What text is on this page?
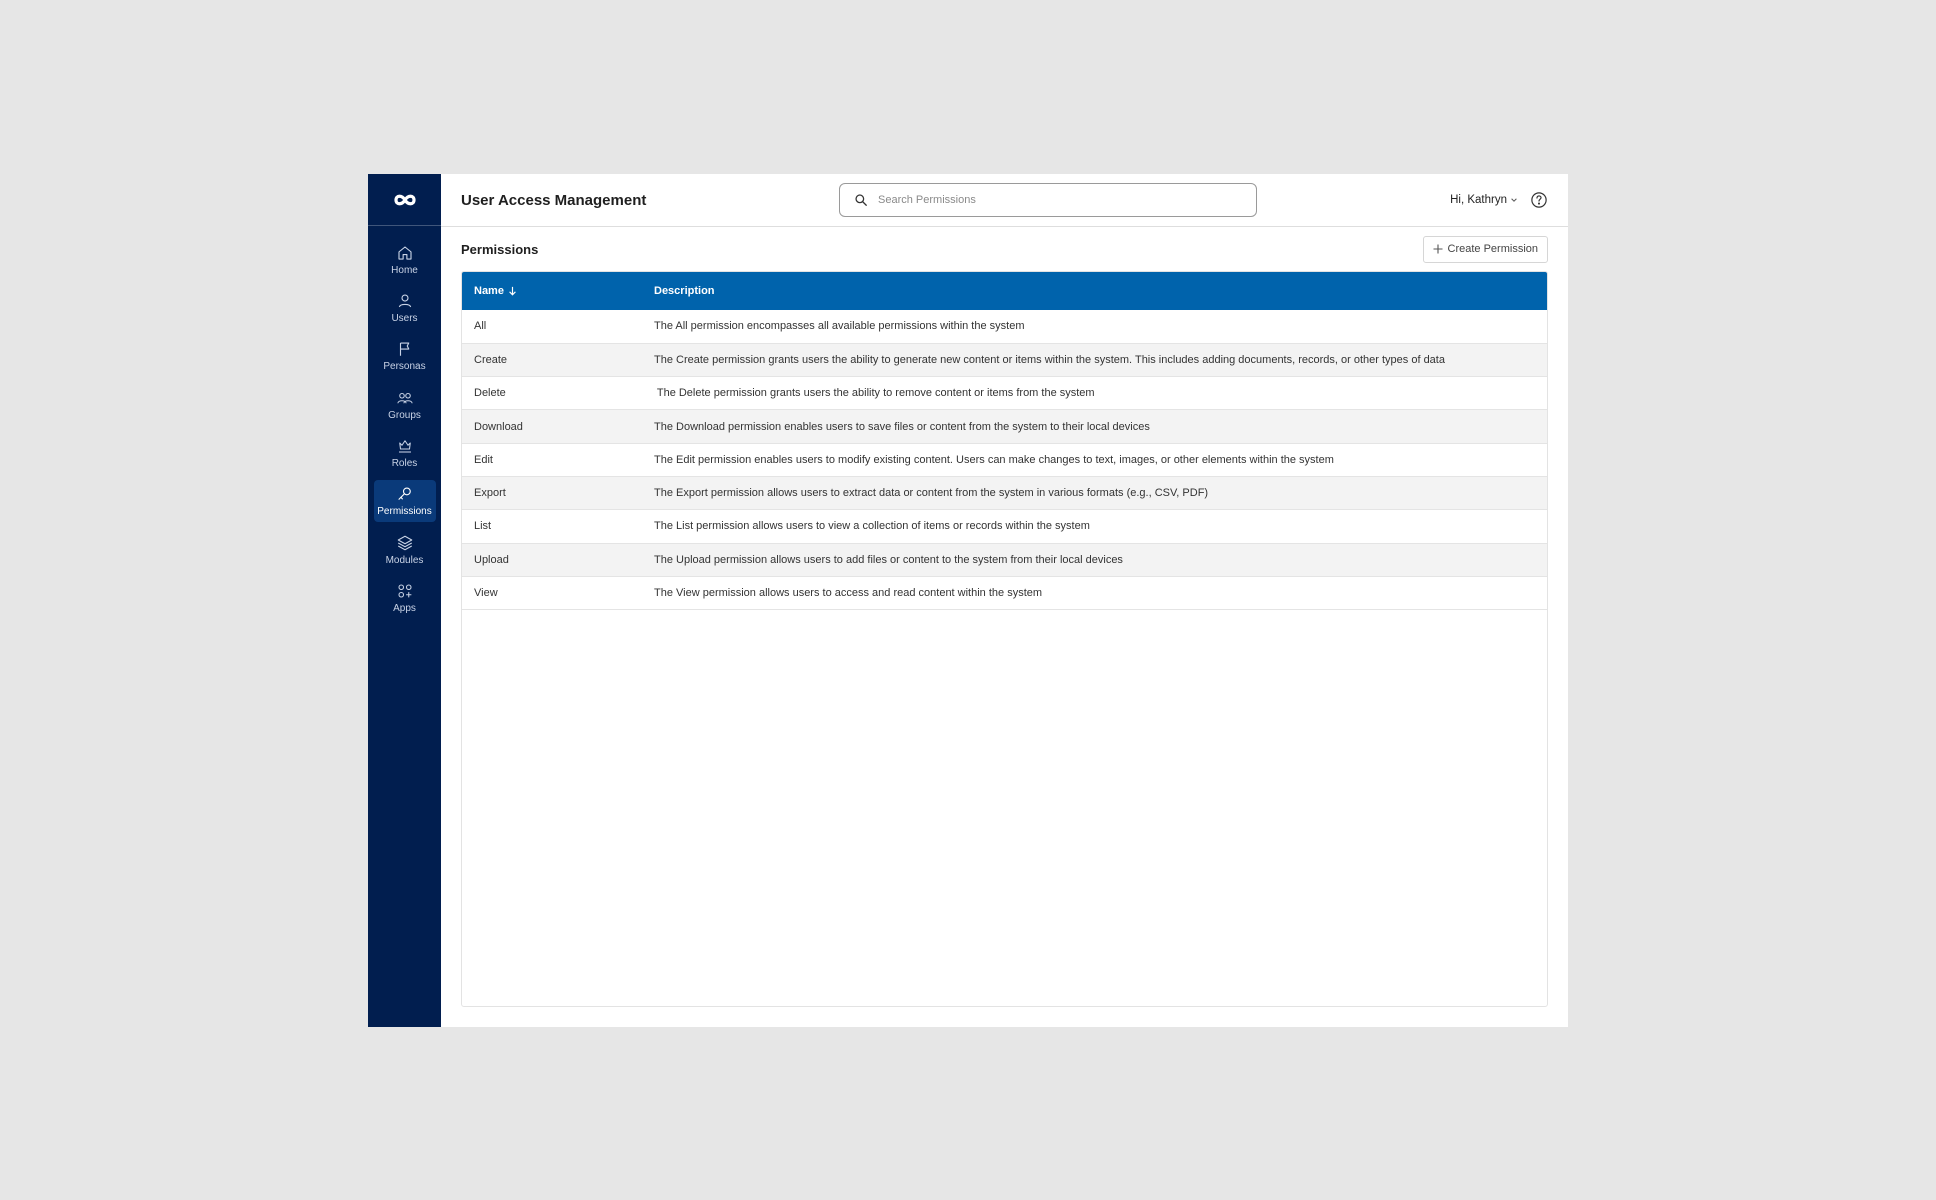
Home
Users
Personas
Groups
Roles
Permissions
Modules
Apps
User Access Management
Search Permissions	Hi, Kathryn
Permissions	Create Permission
Name	Description
All	The All permission encompasses all available permissions within the system
Create	The Create permission grants users the ability to generate new content or items within the system. This includes adding documents, records, or other types of data
Delete	The Delete permission grants users the ability to remove content or items from the system
Download	The Download permission enables users to save files or content from the system to their local devices
Edit	The Edit permission enables users to modify existing content. Users can make changes to text, images, or other elements within the system
Export	The Export permission allows users to extract data or content from the system in various formats (e.g., CSV, PDF)
List	The List permission allows users to view a collection of items or records within the system
Upload	The Upload permission allows users to add files or content to the system from their local devices
View	The View permission allows users to access and read content within the system
